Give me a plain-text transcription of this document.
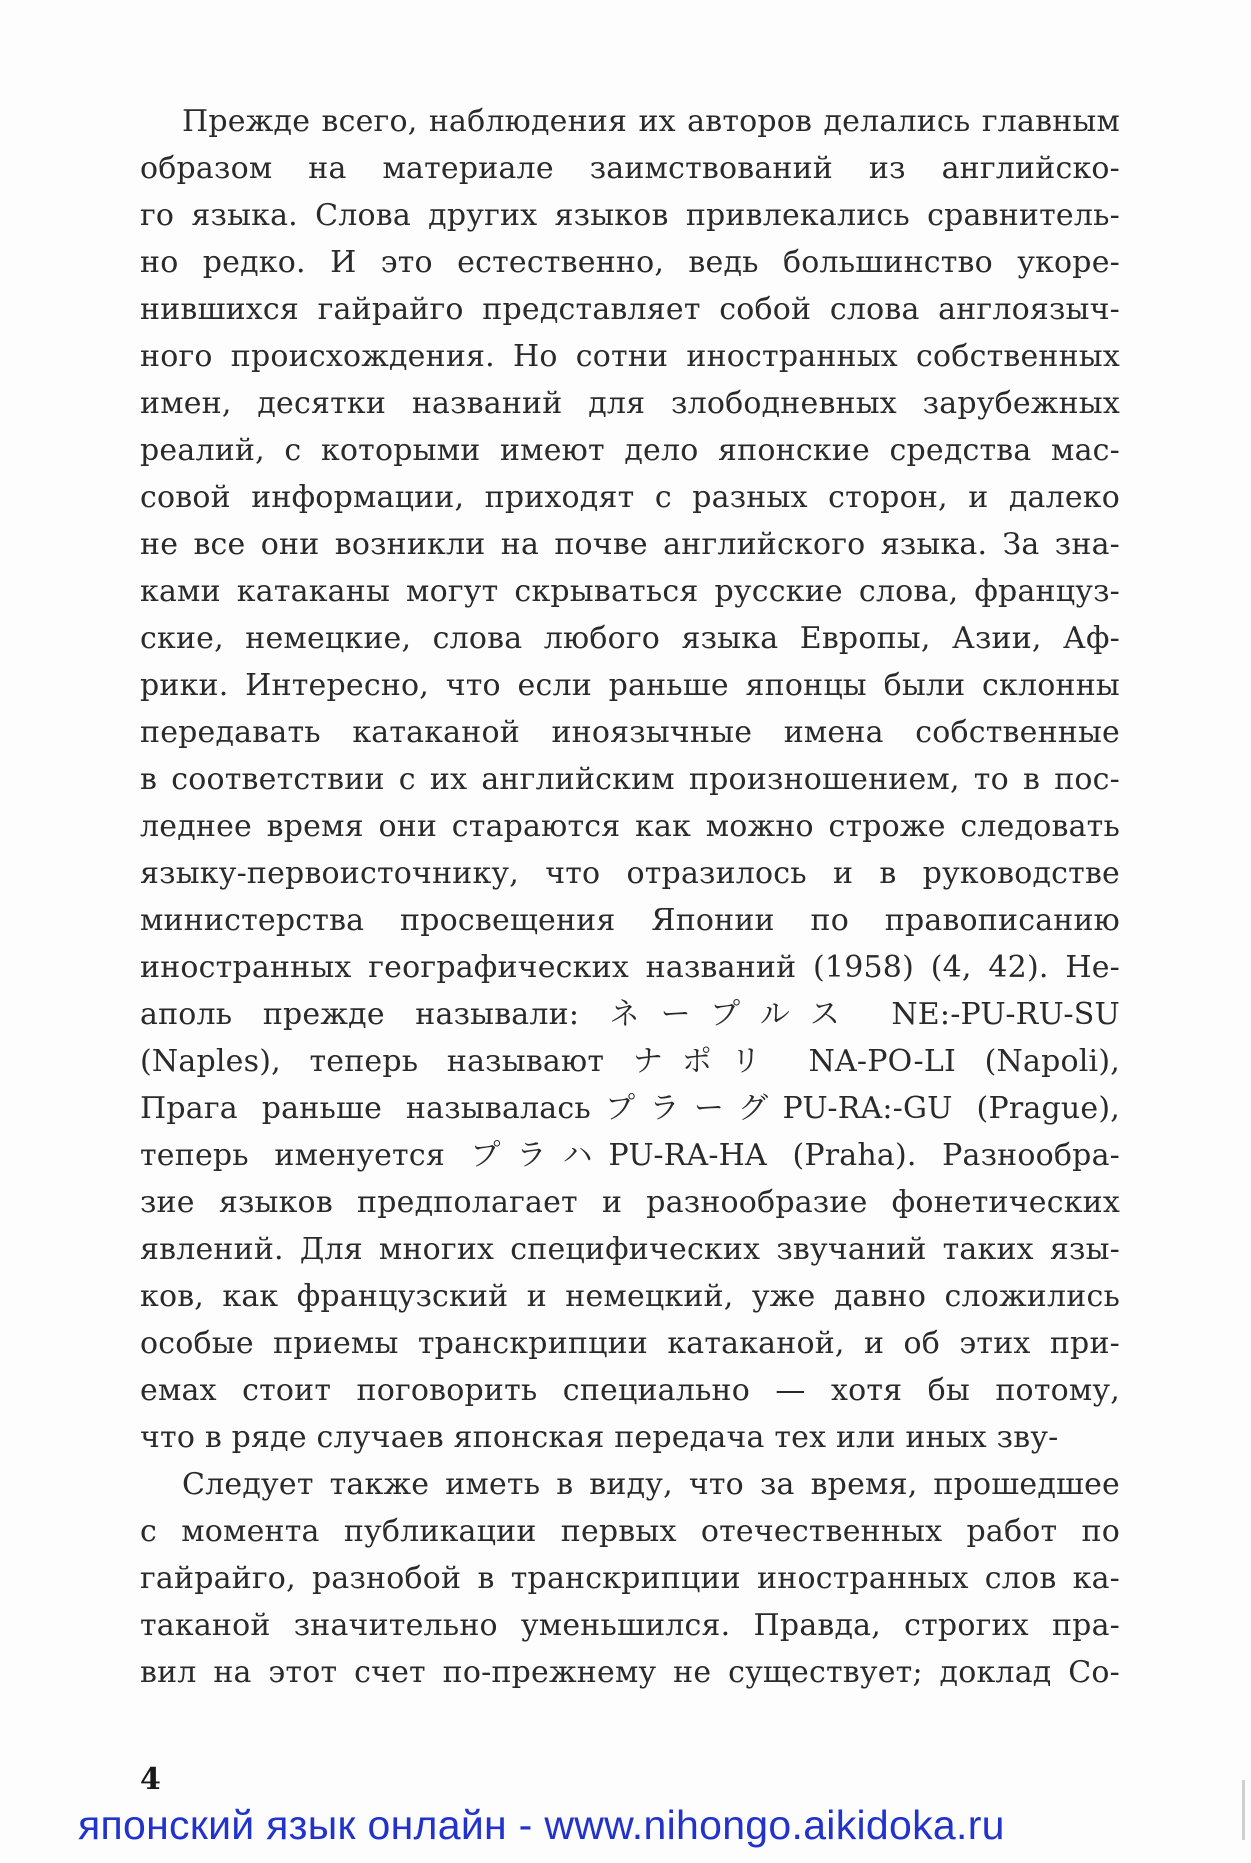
Прежде всего, наблюдения их авторов делались главным
образом на материале заимствований из английско-
го языка. Слова других языков привлекались сравнитель-
но редко. И это естественно, ведь большинство укоре-
нившихся гайрайго представляет собой слова англоязыч-
ного происхождения. Но сотни иностранных собственных
имен, десятки названий для злободневных зарубежных
реалий, с которыми имеют дело японские средства мас-
совой информации, приходят с разных сторон, и далеко
не все они возникли на почве английского языка. За зна-
ками катаканы могут скрываться русские слова, француз-
ские, немецкие, слова любого языка Европы, Азии, Аф-
рики. Интересно, что если раньше японцы были склонны
передавать катаканой иноязычные имена собственные
в соответствии с их английским произношением, то в пос-
леднее время они стараются как можно строже следовать
языку-первоисточнику, что отразилось и в руководстве
министерства просвещения Японии по правописанию
иностранных географических названий (1958) (4, 42). Не-
аполь прежде называли: ネープルス NE:-PU-RU-SU
(Naples), теперь называют ナポリ NA-PO-LI (Napoli),
Прага раньше называласьプラーグPU-RA:-GU (Prague),
теперь именуется プラハPU-RA-HA (Praha). Разнообра-
зие языков предполагает и разнообразие фонетических
явлений. Для многих специфических звучаний таких язы-
ков, как французский и немецкий, уже давно сложились
особые приемы транскрипции катаканой, и об этих при-
емах стоит поговорить специально — хотя бы потому,
что в ряде случаев японская передача тех или иных зву-
Следует также иметь в виду, что за время, прошедшее
с момента публикации первых отечественных работ по
гайрайго, разнобой в транскрипции иностранных слов ка-
таканой значительно уменьшился. Правда, строгих пра-
вил на этот счет по-прежнему не существует; доклад Со-
4
японский язык онлайн - www.nihongo.aikidoka.ru
